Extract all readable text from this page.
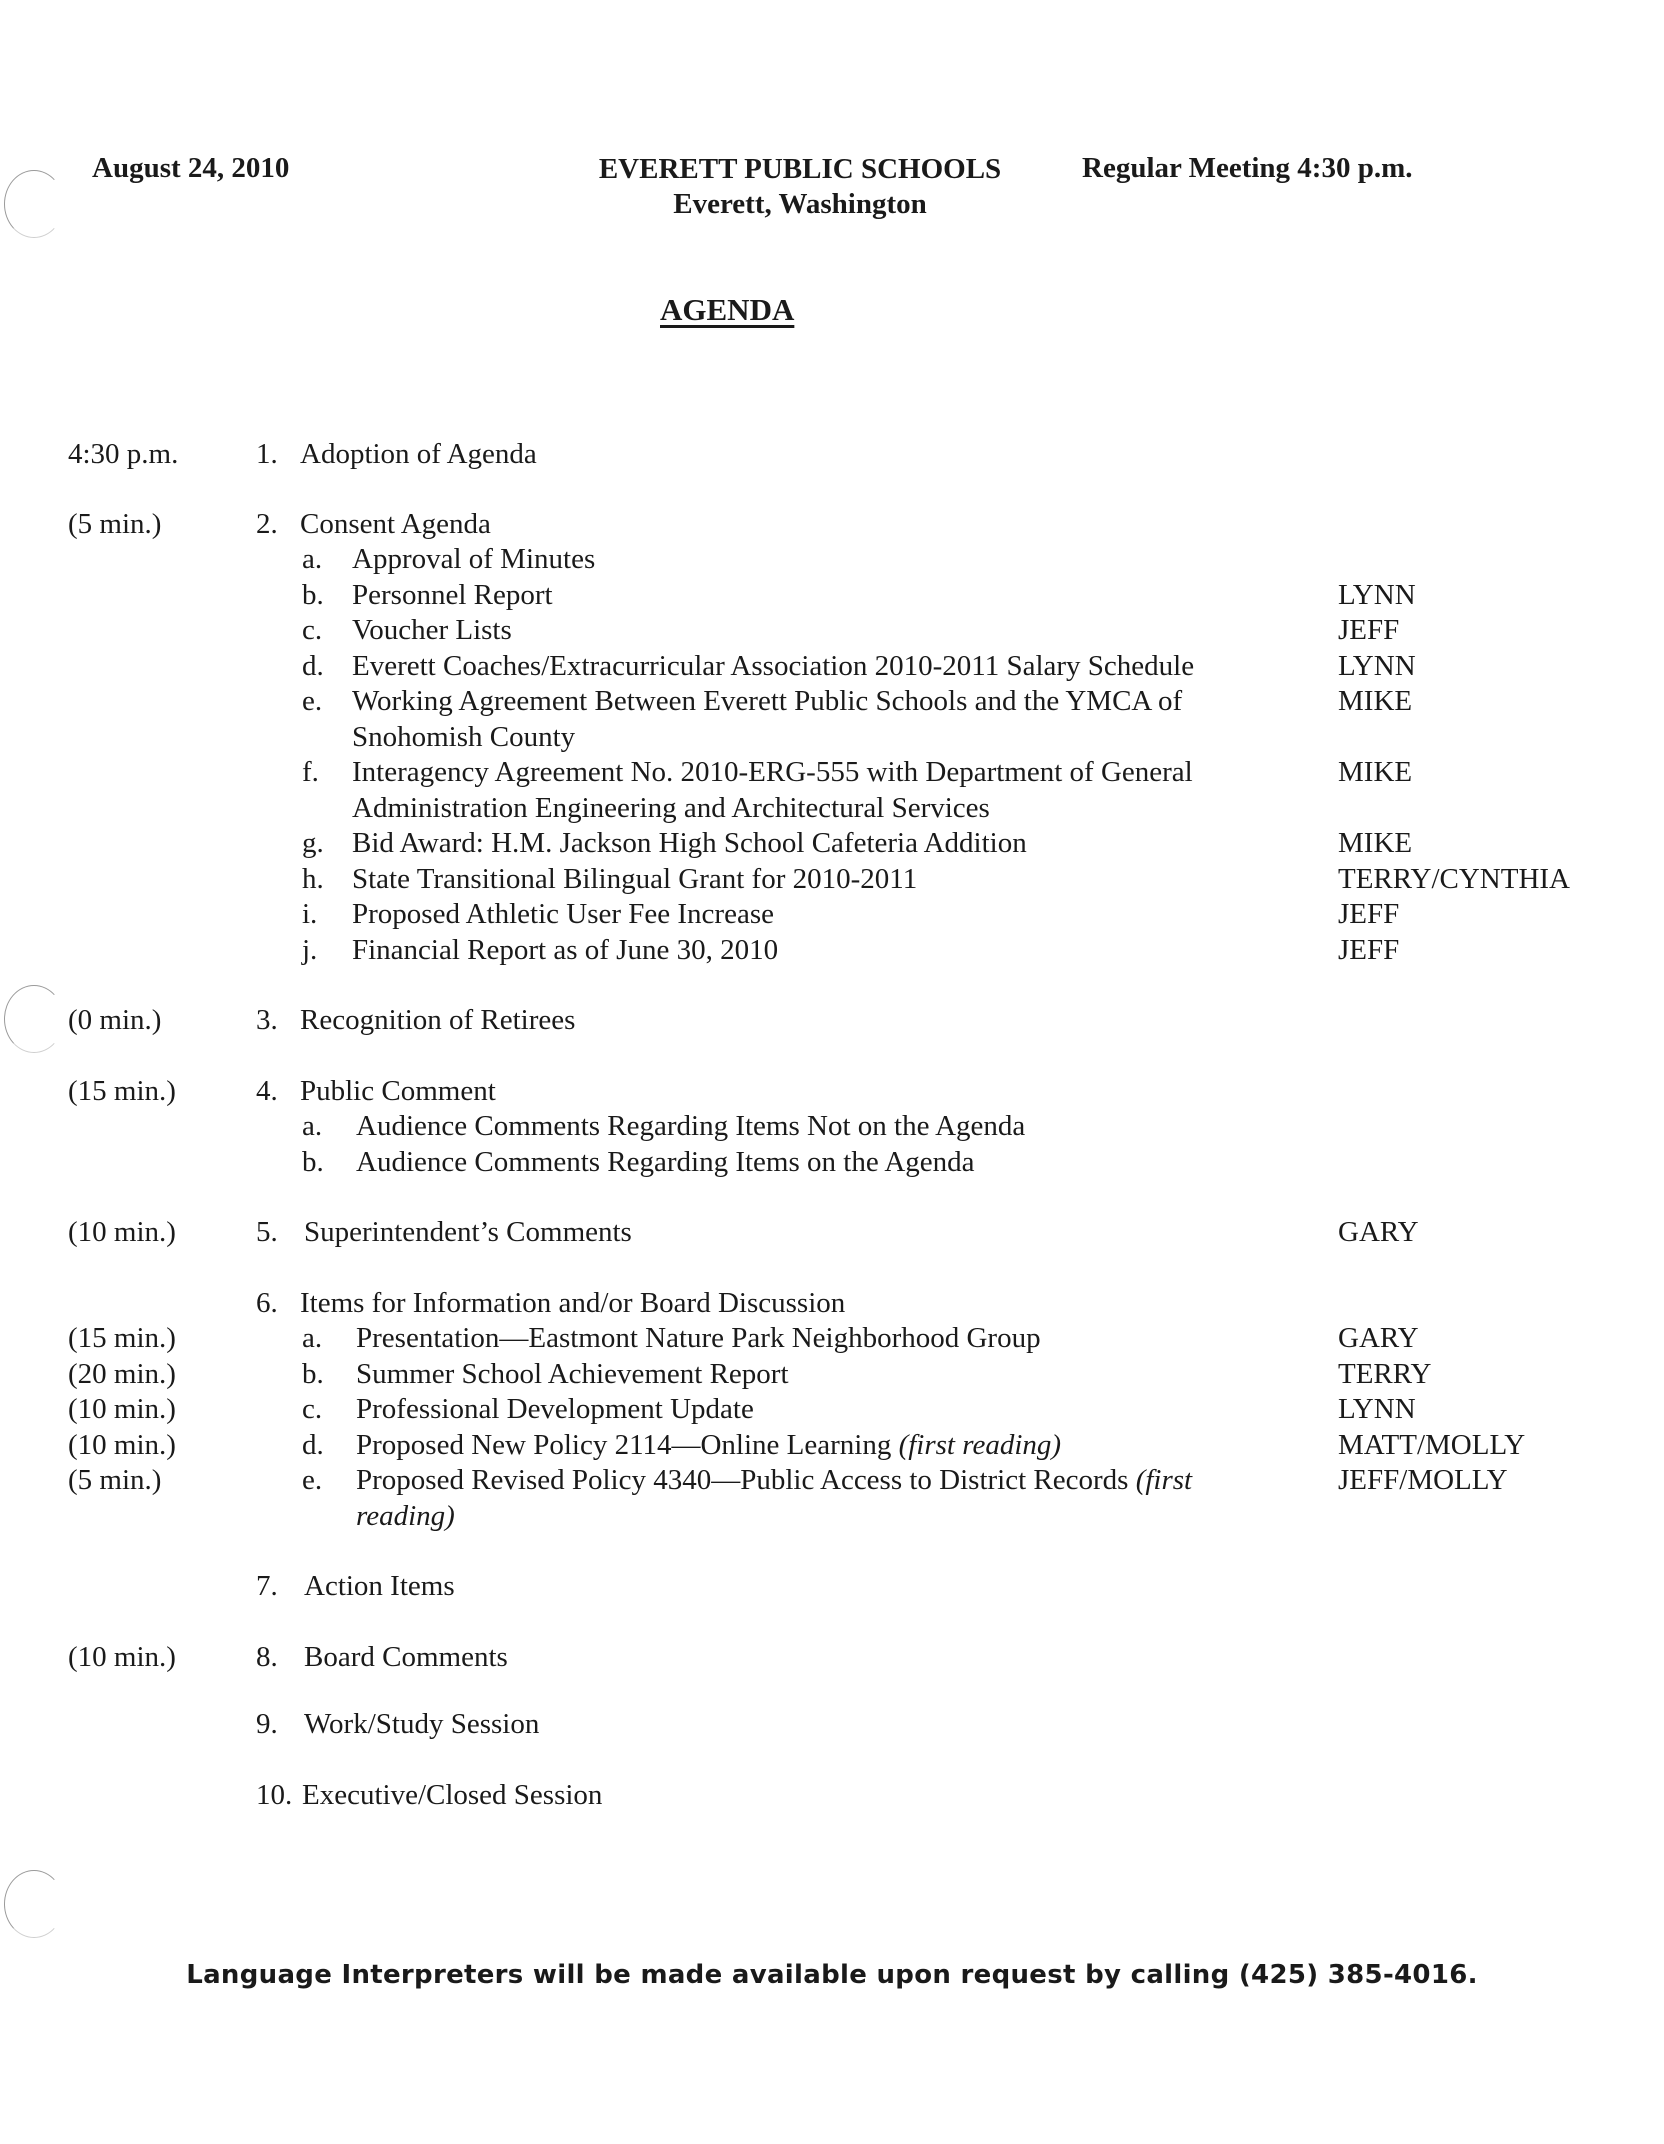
August 24, 2010	EVERETT PUBLIC SCHOOLS
Everett, Washington
Regular Meeting 4:30 p.m.
AGENDA
4:30 p.m.	1. Adoption of Agenda
(5 min.)	2. Consent Agenda
a. Approval of Minutes
b. Personnel Report	LYNN
c. Voucher Lists	JEFF
d. Everett Coaches/Extracurricular Association 2010-2011 Salary Schedule	LYNN
e. Working Agreement Between Everett Public Schools and the YMCA of	MIKE
Snohomish County
f. Interagency Agreement No. 2010-ERG-555 with Department of General	MIKE
Administration Engineering and Architectural Services
g. Bid Award: H.M. Jackson High School Cafeteria Addition	MIKE
h. State Transitional Bilingual Grant for 2010-2011	TERRY/CYNTHIA
i. Proposed Athletic User Fee Increase	JEFF
j. Financial Report as of June 30, 2010	JEFF
(0 min.)	3. Recognition of Retirees
(15 min.)	4. Public Comment
a. Audience Comments Regarding Items Not on the Agenda
b. Audience Comments Regarding Items on the Agenda
(10 min.)	5. Superintendent’s Comments	GARY
6. Items for Information and/or Board Discussion
(15 min.)	a. Presentation—Eastmont Nature Park Neighborhood Group	GARY
(20 min.)	b. Summer School Achievement Report	TERRY
(10 min.)	c. Professional Development Update	LYNN
(10 min.)	d. Proposed New Policy 2114—Online Learning (first reading)	MATT/MOLLY
(5 min.)	e. Proposed Revised Policy 4340—Public Access to District Records (first	JEFF/MOLLY
reading)
7. Action Items
(10 min.)	8. Board Comments
9. Work/Study Session
10. Executive/Closed Session
Language Interpreters will be made available upon request by calling (425) 385-4016.
